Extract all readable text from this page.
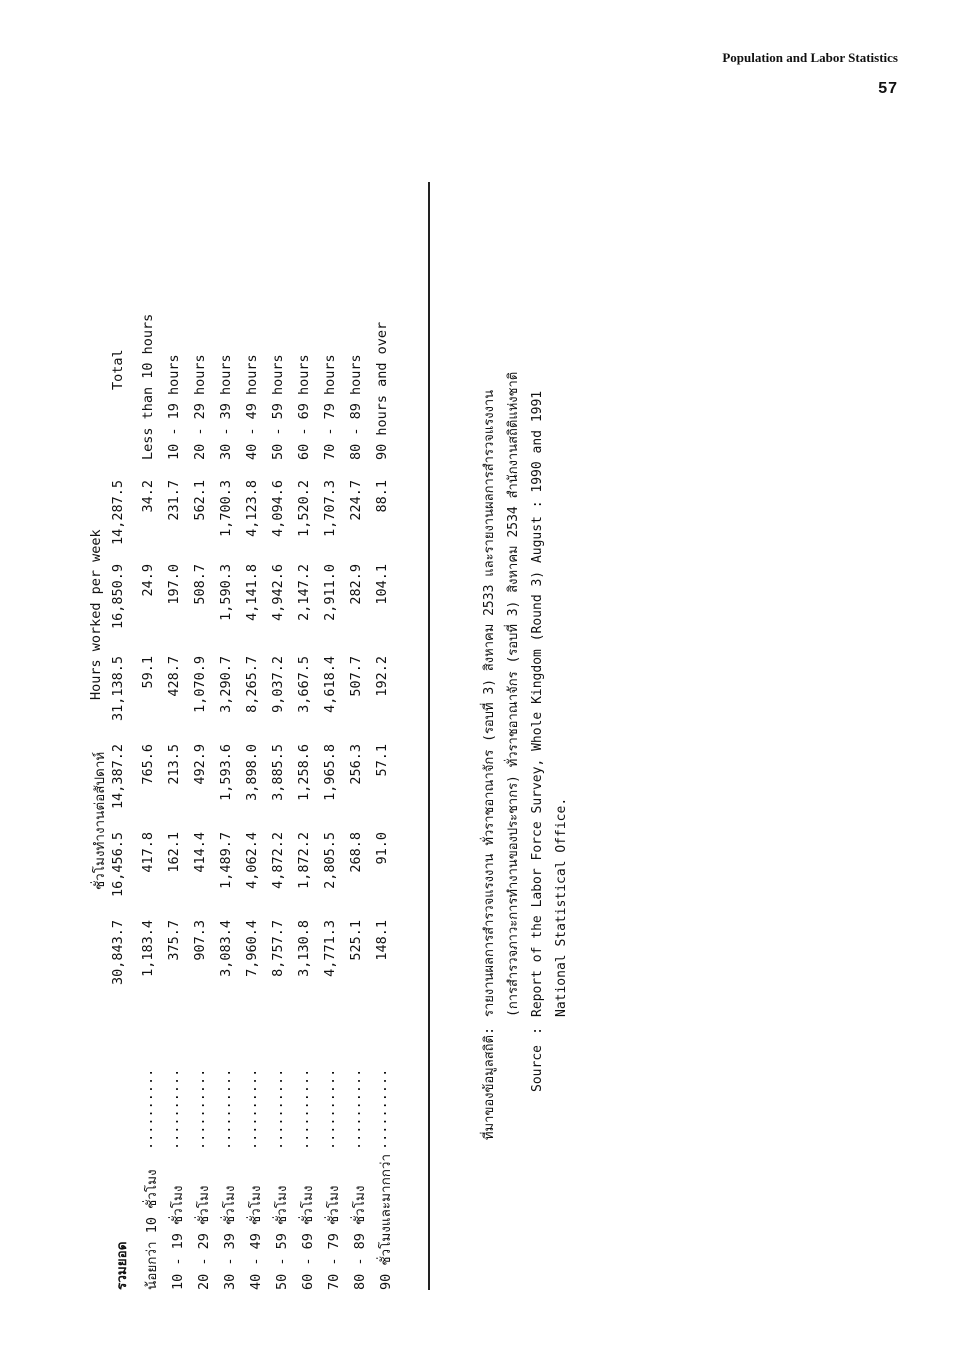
Population and Labor Statistics
57
ชั่วโมงทำงานต่อสัปดาห์
Hours worked per week
รวมยอด
30,843.7
16,456.5
14,387.2
31,138.5
16,850.9
14,287.5
Total
น้อยกว่า 10 ชั่วโมง
..........
1,183.4
417.8
765.6
59.1
24.9
34.2
Less than 10 hours
10 - 19 ชั่วโมง
..........
375.7
162.1
213.5
428.7
197.0
231.7
10 - 19 hours
20 - 29 ชั่วโมง
..........
907.3
414.4
492.9
1,070.9
508.7
562.1
20 - 29 hours
30 - 39 ชั่วโมง
..........
3,083.4
1,489.7
1,593.6
3,290.7
1,590.3
1,700.3
30 - 39 hours
40 - 49 ชั่วโมง
..........
7,960.4
4,062.4
3,898.0
8,265.7
4,141.8
4,123.8
40 - 49 hours
50 - 59 ชั่วโมง
..........
8,757.7
4,872.2
3,885.5
9,037.2
4,942.6
4,094.6
50 - 59 hours
60 - 69 ชั่วโมง
..........
3,130.8
1,872.2
1,258.6
3,667.5
2,147.2
1,520.2
60 - 69 hours
70 - 79 ชั่วโมง
..........
4,771.3
2,805.5
1,965.8
4,618.4
2,911.0
1,707.3
70 - 79 hours
80 - 89 ชั่วโมง
..........
525.1
268.8
256.3
507.7
282.9
224.7
80 - 89 hours
90 ชั่วโมงและมากกว่า
..........
148.1
91.0
57.1
192.2
104.1
88.1
90 hours and over
ที่มาของข้อมูลสถิติ:รายงานผลการสำรวจแรงงาน ทั่วราชอาณาจักร (รอบที่ 3) สิงหาคม 2533 และรายงานผลการสำรวจแรงงาน (การสำรวจภาวะการทำงานของประชากร) ทั่วราชอาณาจักร (รอบที่ 3) สิงหาคม 2534 สำนักงานสถิติแห่งชาติ
Source:Report of the Labor Force Survey, Whole Kingdom (Round 3) August : 1990 and 1991 National Statistical Office.
